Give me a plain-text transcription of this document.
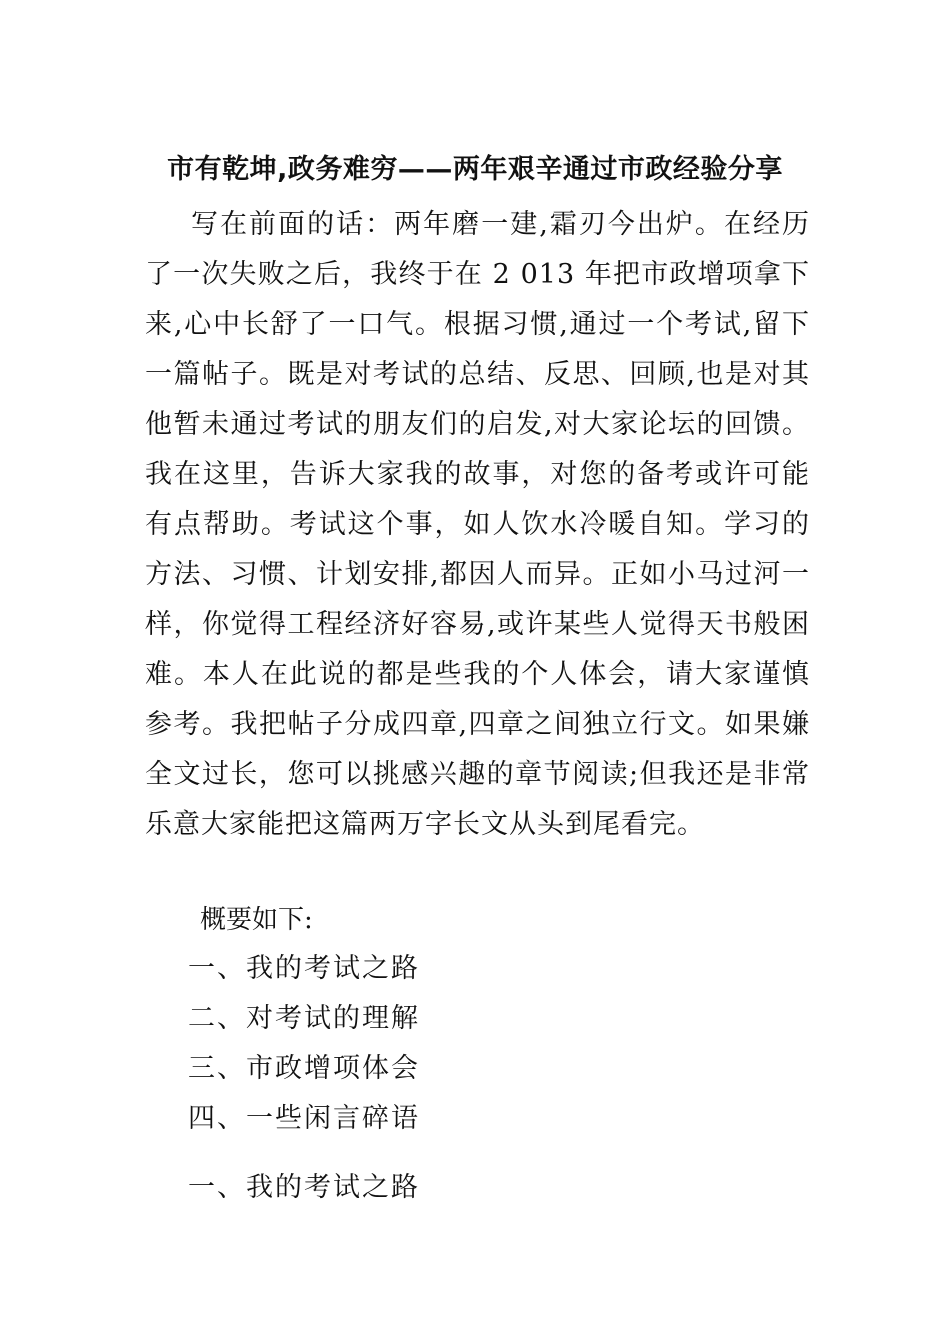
市有乾坤,政务难穷——两年艰辛通过市政经验分享

写在前面的话：两年磨一建,霜刃今出炉。在经历了一次失败之后，我终于在 2 013 年把市政增项拿下来,心中长舒了一口气。根据习惯,通过一个考试,留下一篇帖子。既是对考试的总结、反思、回顾,也是对其他暂未通过考试的朋友们的启发,对大家论坛的回馈。我在这里，告诉大家我的故事，对您的备考或许可能有点帮助。考试这个事，如人饮水冷暖自知。学习的方法、习惯、计划安排,都因人而异。正如小马过河一样，你觉得工程经济好容易,或许某些人觉得天书般困难。本人在此说的都是些我的个人体会，请大家谨慎参考。我把帖子分成四章,四章之间独立行文。如果嫌全文过长，您可以挑感兴趣的章节阅读;但我还是非常乐意大家能把这篇两万字长文从头到尾看完。

概要如下:

一、我的考试之路
二、对考试的理解
三、市政增项体会
四、一些闲言碎语
一、我的考试之路
